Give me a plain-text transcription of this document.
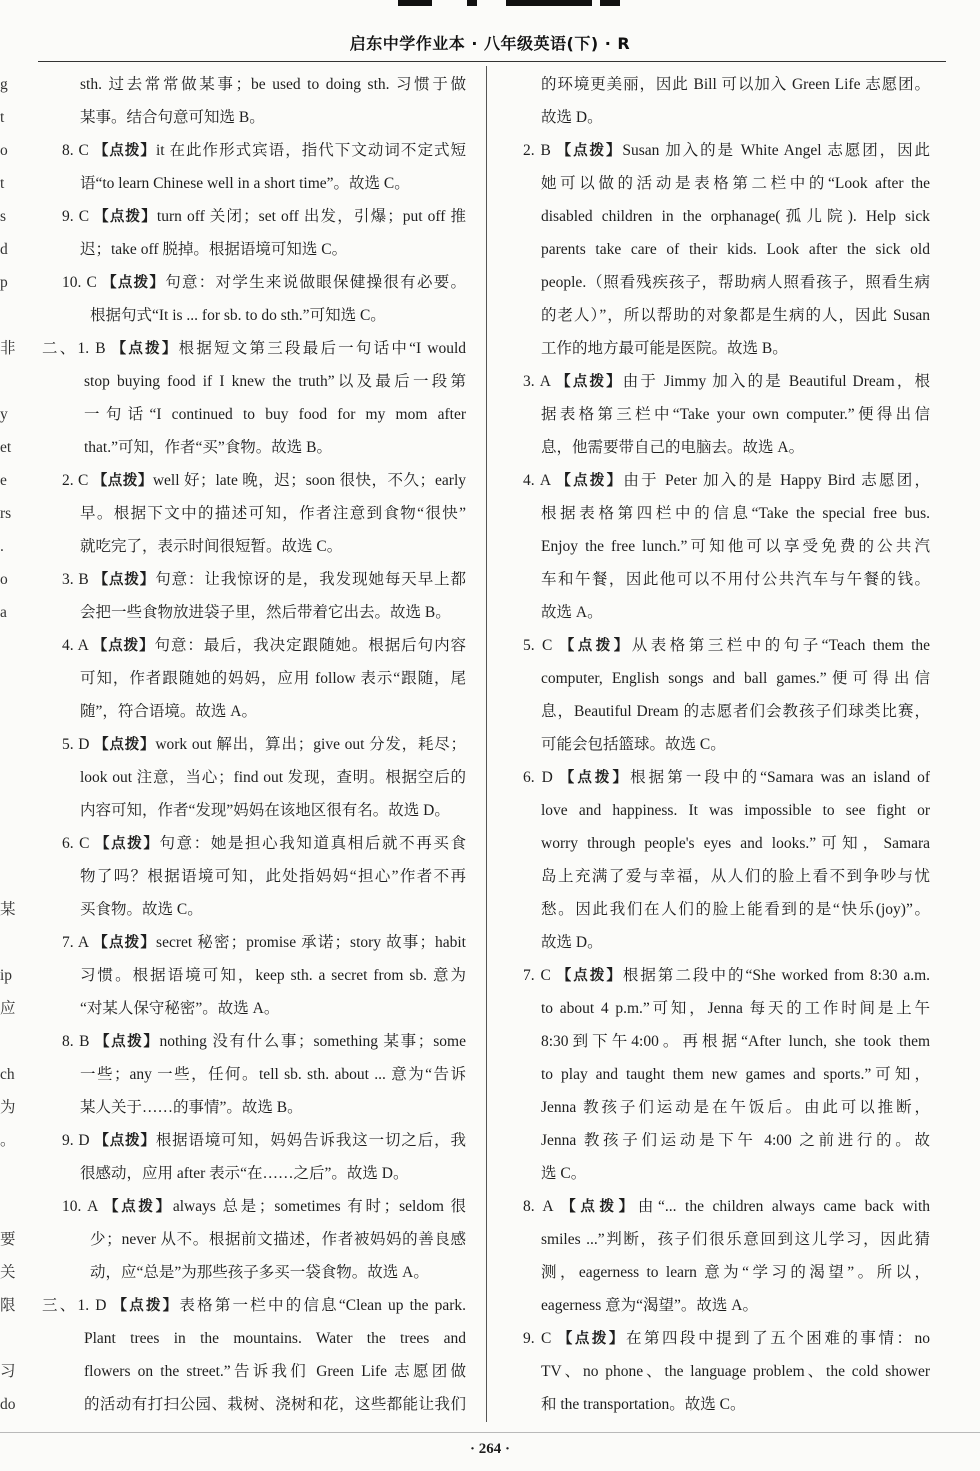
启东中学作业本 · 八年级英语(下) · R
g
t
o
t
s
d
p
非
y
et
e
rs
.
o
a
某
ip
应
ch
为
。
要
关
限
习
do
sth. 过去常常做某事；be used to doing sth. 习惯于做
某事。结合句意可知选 B。
8. C 【点拨】it 在此作形式宾语，指代下文动词不定式短
语“to learn Chinese well in a short time”。故选 C。
9. C 【点拨】turn off 关闭；set off 出发，引爆；put off 推
迟；take off 脱掉。根据语境可知选 C。
10. C 【点拨】句意：对学生来说做眼保健操很有必要。
根据句式“It is ... for sb. to do sth.”可知选 C。
二、1. B 【点拨】根据短文第三段最后一句话中“I would
stop buying food if I knew the truth”以及最后一段第
一句话“I continued to buy food for my mom after
that.”可知，作者“买”食物。故选 B。
2. C 【点拨】well 好；late 晚，迟；soon 很快，不久；early
早。根据下文中的描述可知，作者注意到食物“很快”
就吃完了，表示时间很短暂。故选 C。
3. B 【点拨】句意：让我惊讶的是，我发现她每天早上都
会把一些食物放进袋子里，然后带着它出去。故选 B。
4. A 【点拨】句意：最后，我决定跟随她。根据后句内容
可知，作者跟随她的妈妈，应用 follow 表示“跟随，尾
随”，符合语境。故选 A。
5. D 【点拨】work out 解出，算出；give out 分发，耗尽；
look out 注意，当心；find out 发现，查明。根据空后的
内容可知，作者“发现”妈妈在该地区很有名。故选 D。
6. C 【点拨】句意：她是担心我知道真相后就不再买食
物了吗？根据语境可知，此处指妈妈“担心”作者不再
买食物。故选 C。
7. A 【点拨】secret 秘密；promise 承诺；story 故事；habit
习惯。根据语境可知，keep sth. a secret from sb. 意为
“对某人保守秘密”。故选 A。
8. B 【点拨】nothing 没有什么事；something 某事；some
一些；any 一些，任何。tell sb. sth. about ... 意为“告诉
某人关于……的事情”。故选 B。
9. D 【点拨】根据语境可知，妈妈告诉我这一切之后，我
很感动，应用 after 表示“在……之后”。故选 D。
10. A 【点拨】always 总是；sometimes 有时；seldom 很
少；never 从不。根据前文描述，作者被妈妈的善良感
动，应“总是”为那些孩子多买一袋食物。故选 A。
三、1. D 【点拨】表格第一栏中的信息“Clean up the park.
Plant trees in the mountains. Water the trees and
flowers on the street.”告诉我们 Green Life 志愿团做
的活动有打扫公园、栽树、浇树和花，这些都能让我们
的环境更美丽，因此 Bill 可以加入 Green Life 志愿团。
故选 D。
2. B 【点拨】Susan 加入的是 White Angel 志愿团，因此
她可以做的活动是表格第二栏中的“Look after the
disabled children in the orphanage(孤儿院). Help sick
parents take care of their kids. Look after the sick old
people.（照看残疾孩子，帮助病人照看孩子，照看生病
的老人）”，所以帮助的对象都是生病的人，因此 Susan
工作的地方最可能是医院。故选 B。
3. A 【点拨】由于 Jimmy 加入的是 Beautiful Dream，根
据表格第三栏中“Take your own computer.”便得出信
息，他需要带自己的电脑去。故选 A。
4. A 【点拨】由于 Peter 加入的是 Happy Bird 志愿团，
根据表格第四栏中的信息“Take the special free bus.
Enjoy the free lunch.”可知他可以享受免费的公共汽
车和午餐，因此他可以不用付公共汽车与午餐的钱。
故选 A。
5. C 【点拨】从表格第三栏中的句子“Teach them the
computer, English songs and ball games.”便可得出信
息，Beautiful Dream 的志愿者们会教孩子们球类比赛，
可能会包括篮球。故选 C。
6. D 【点拨】根据第一段中的“Samara was an island of
love and happiness. It was impossible to see fight or
worry through people's eyes and looks.”可知，Samara
岛上充满了爱与幸福，从人们的脸上看不到争吵与忧
愁。因此我们在人们的脸上能看到的是“快乐(joy)”。
故选 D。
7. C 【点拨】根据第二段中的“She worked from 8:30 a.m.
to about 4 p.m.”可知，Jenna 每天的工作时间是上午
8:30到下午4:00。再根据“After lunch, she took them
to play and taught them new games and sports.”可知，
Jenna 教孩子们运动是在午饭后。由此可以推断，
Jenna 教孩子们运动是下午 4:00 之前进行的。故
选 C。
8. A 【点拨】由“... the children always came back with
smiles ...”判断，孩子们很乐意回到这儿学习，因此猜
测，eagerness to learn 意为“学习的渴望”。所以，
eagerness 意为“渴望”。故选 A。
9. C 【点拨】在第四段中提到了五个困难的事情：no
TV、no phone、the language problem、the cold shower
和 the transportation。故选 C。
· 264 ·
